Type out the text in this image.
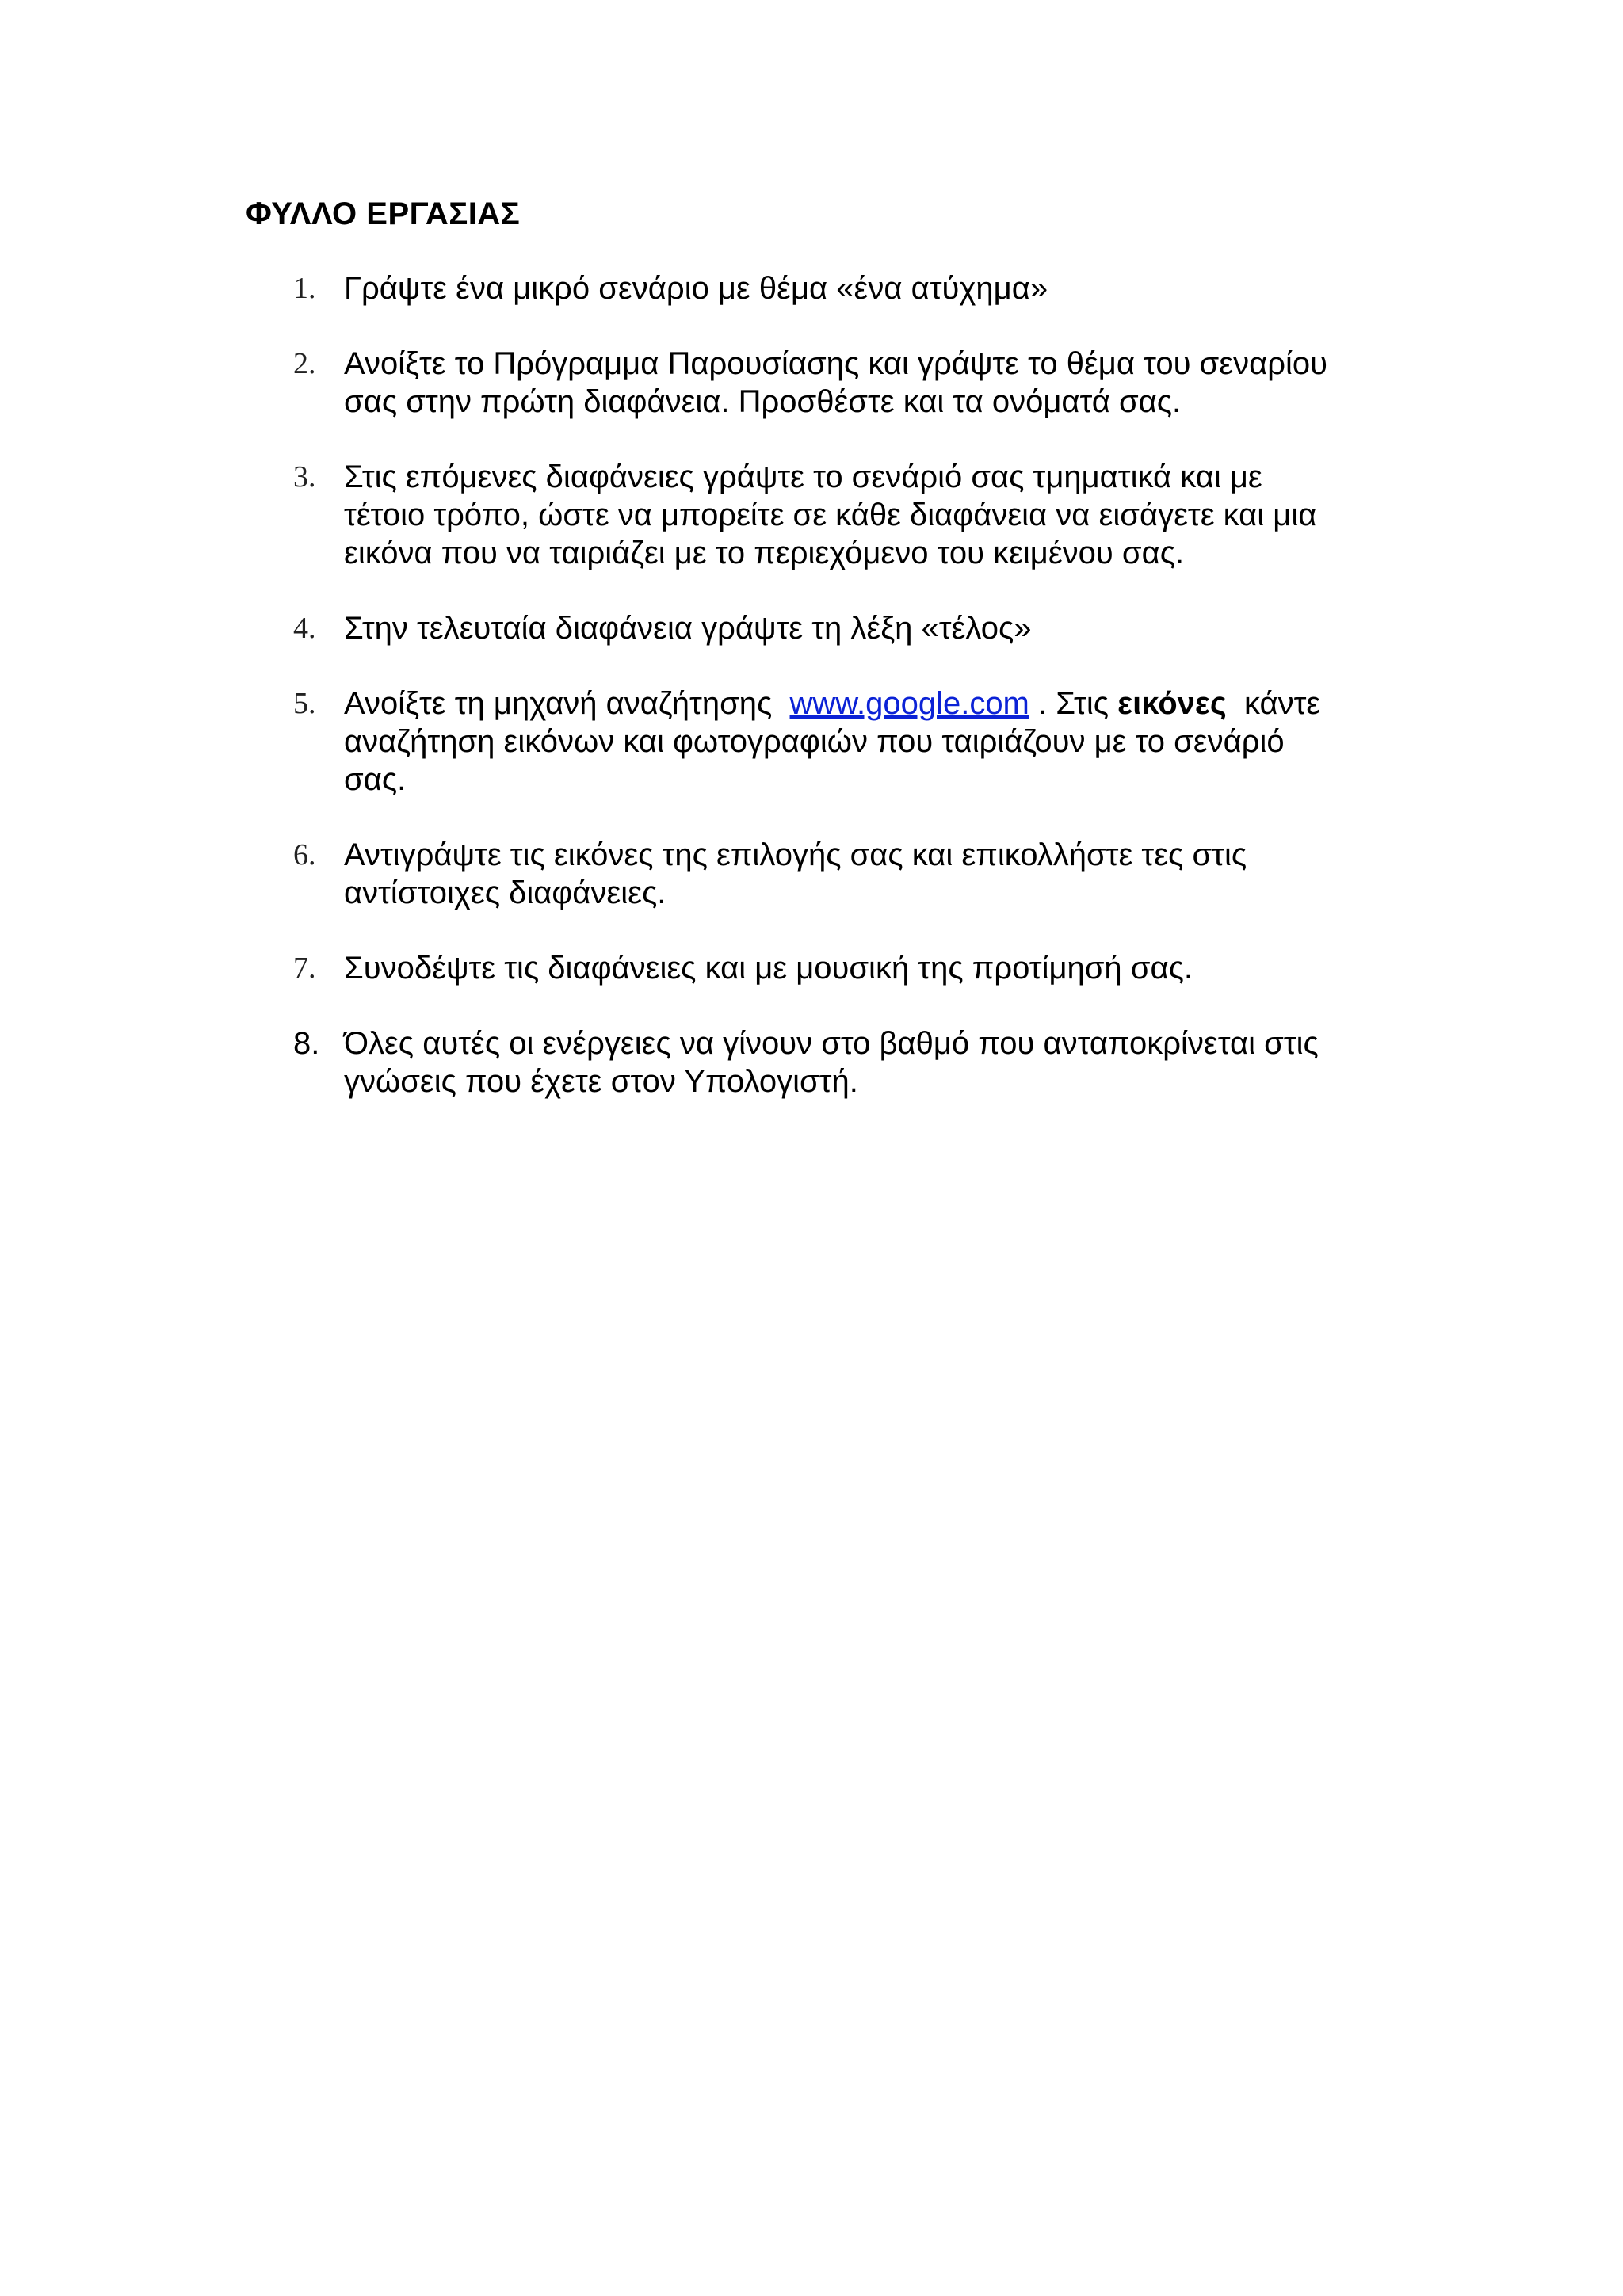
ΦΥΛΛΟ ΕΡΓΑΣΙΑΣ
1. Γράψτε ένα μικρό σενάριο με θέμα «ένα ατύχημα»
2. Ανοίξτε το Πρόγραμμα Παρουσίασης και γράψτε το θέμα του σεναρίου
σας στην πρώτη διαφάνεια. Προσθέστε και τα ονόματά σας.
3. Στις επόμενες διαφάνειες γράψτε το σενάριό σας τμηματικά και με
τέτοιο τρόπο, ώστε να μπορείτε σε κάθε διαφάνεια να εισάγετε και μια
εικόνα που να ταιριάζει με το περιεχόμενο του κειμένου σας.
4. Στην τελευταία διαφάνεια γράψτε τη λέξη «τέλος»
5. Ανοίξτε τη μηχανή αναζήτησης www.google.com . Στις εικόνες κάντε
αναζήτηση εικόνων και φωτογραφιών που ταιριάζουν με το σενάριό
σας.
6. Αντιγράψτε τις εικόνες της επιλογής σας και επικολλήστε τες στις
αντίστοιχες διαφάνειες.
7. Συνοδέψτε τις διαφάνειες και με μουσική της προτίμησή σας.
8. Όλες αυτές οι ενέργειες να γίνουν στο βαθμό που ανταποκρίνεται στις
γνώσεις που έχετε στον Υπολογιστή.
